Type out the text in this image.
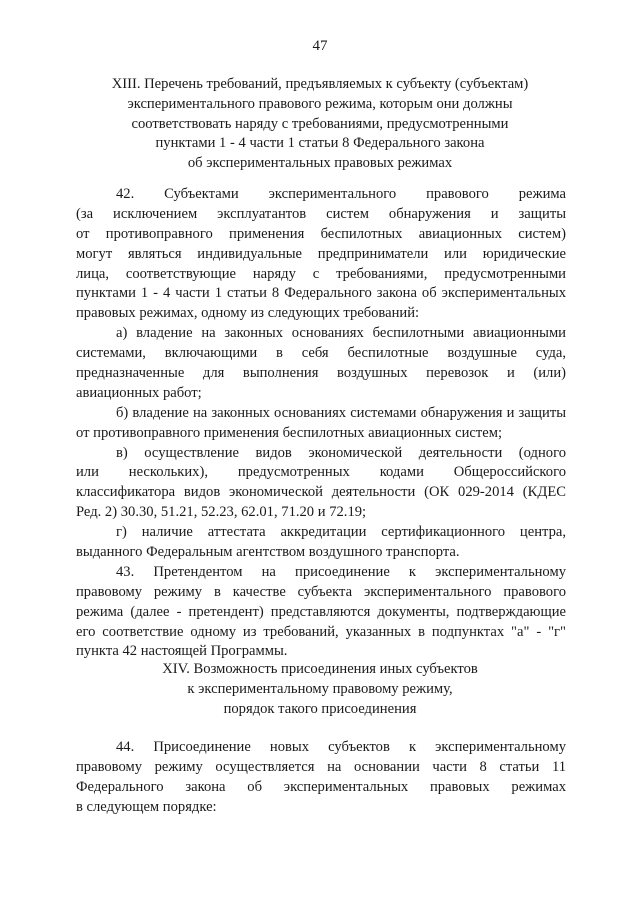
47
XIII. Перечень требований, предъявляемых к субъекту (субъектам)
экспериментального правового режима, которым они должны
соответствовать наряду с требованиями, предусмотренными
пунктами 1 - 4 части 1 статьи 8 Федерального закона
об экспериментальных правовых режимах
42. Субъектами экспериментального правового режима
(за исключением эксплуатантов систем обнаружения и защиты
от противоправного применения беспилотных авиационных систем)
могут являться индивидуальные предприниматели или юридические
лица, соответствующие наряду с требованиями, предусмотренными
пунктами 1 - 4 части 1 статьи 8 Федерального закона об экспериментальных
правовых режимах, одному из следующих требований:
а) владение на законных основаниях беспилотными авиационными
системами, включающими в себя беспилотные воздушные суда,
предназначенные для выполнения воздушных перевозок и (или)
авиационных работ;
б) владение на законных основаниях системами обнаружения и защиты
от противоправного применения беспилотных авиационных систем;
в) осуществление видов экономической деятельности (одного
или нескольких), предусмотренных кодами Общероссийского
классификатора видов экономической деятельности (ОК 029-2014 (КДЕС
Ред. 2) 30.30, 51.21, 52.23, 62.01, 71.20 и 72.19;
г) наличие аттестата аккредитации сертификационного центра,
выданного Федеральным агентством воздушного транспорта.
43. Претендентом на присоединение к экспериментальному
правовому режиму в качестве субъекта экспериментального правового
режима (далее - претендент) представляются документы, подтверждающие
его соответствие одному из требований, указанных в подпунктах "а" - "г"
пункта 42 настоящей Программы.
XIV. Возможность присоединения иных субъектов
к экспериментальному правовому режиму,
порядок такого присоединения
44. Присоединение новых субъектов к экспериментальному
правовому режиму осуществляется на основании части 8 статьи 11
Федерального закона об экспериментальных правовых режимах
в следующем порядке:
